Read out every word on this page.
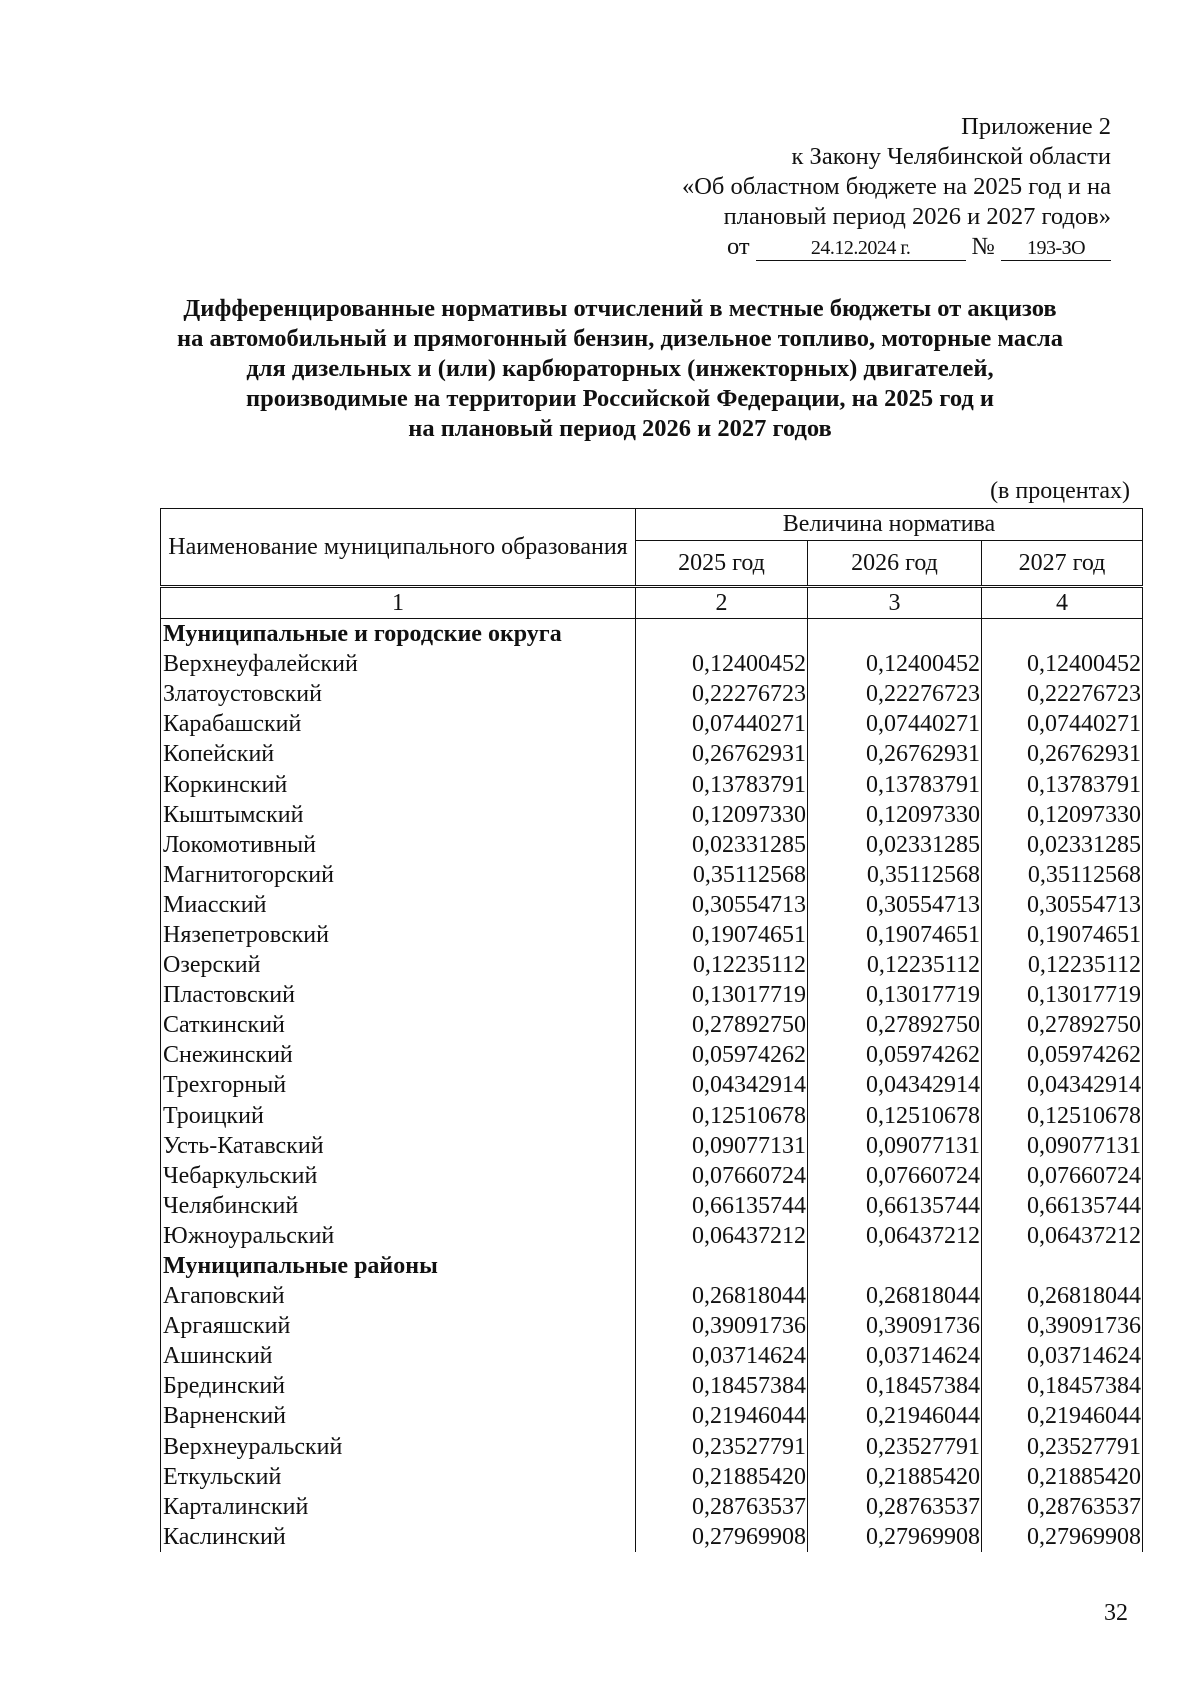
Приложение 2
к Закону Челябинской области
«Об областном бюджете на 2025 год и на
плановый период 2026 и 2027 годов»
от	24.12.2024 г.	№	193-ЗО
Дифференцированные нормативы отчислений в местные бюджеты от акцизов
на автомобильный и прямогонный бензин, дизельное топливо, моторные масла
для дизельных и (или) карбюраторных (инжекторных) двигателей,
производимые на территории Российской Федерации, на 2025 год и
на плановый период 2026 и 2027 годов
(в процентах)
Наименование муниципального образования	Величина норматива		
	2025 год	2026 год	2027 год
1	2	3	4
Муниципальные и городские округа			
Верхнеуфалейский	0,12400452	0,12400452	0,12400452
Златоустовский	0,22276723	0,22276723	0,22276723
Карабашский	0,07440271	0,07440271	0,07440271
Копейский	0,26762931	0,26762931	0,26762931
Коркинский	0,13783791	0,13783791	0,13783791
Кыштымский	0,12097330	0,12097330	0,12097330
Локомотивный	0,02331285	0,02331285	0,02331285
Магнитогорский	0,35112568	0,35112568	0,35112568
Миасский	0,30554713	0,30554713	0,30554713
Нязепетровский	0,19074651	0,19074651	0,19074651
Озерский	0,12235112	0,12235112	0,12235112
Пластовский	0,13017719	0,13017719	0,13017719
Саткинский	0,27892750	0,27892750	0,27892750
Снежинский	0,05974262	0,05974262	0,05974262
Трехгорный	0,04342914	0,04342914	0,04342914
Троицкий	0,12510678	0,12510678	0,12510678
Усть-Катавский	0,09077131	0,09077131	0,09077131
Чебаркульский	0,07660724	0,07660724	0,07660724
Челябинский	0,66135744	0,66135744	0,66135744
Южноуральский	0,06437212	0,06437212	0,06437212
Муниципальные районы			
Агаповский	0,26818044	0,26818044	0,26818044
Аргаяшский	0,39091736	0,39091736	0,39091736
Ашинский	0,03714624	0,03714624	0,03714624
Брединский	0,18457384	0,18457384	0,18457384
Варненский	0,21946044	0,21946044	0,21946044
Верхнеуральский	0,23527791	0,23527791	0,23527791
Еткульский	0,21885420	0,21885420	0,21885420
Карталинский	0,28763537	0,28763537	0,28763537
Каслинский	0,27969908	0,27969908	0,27969908
32
